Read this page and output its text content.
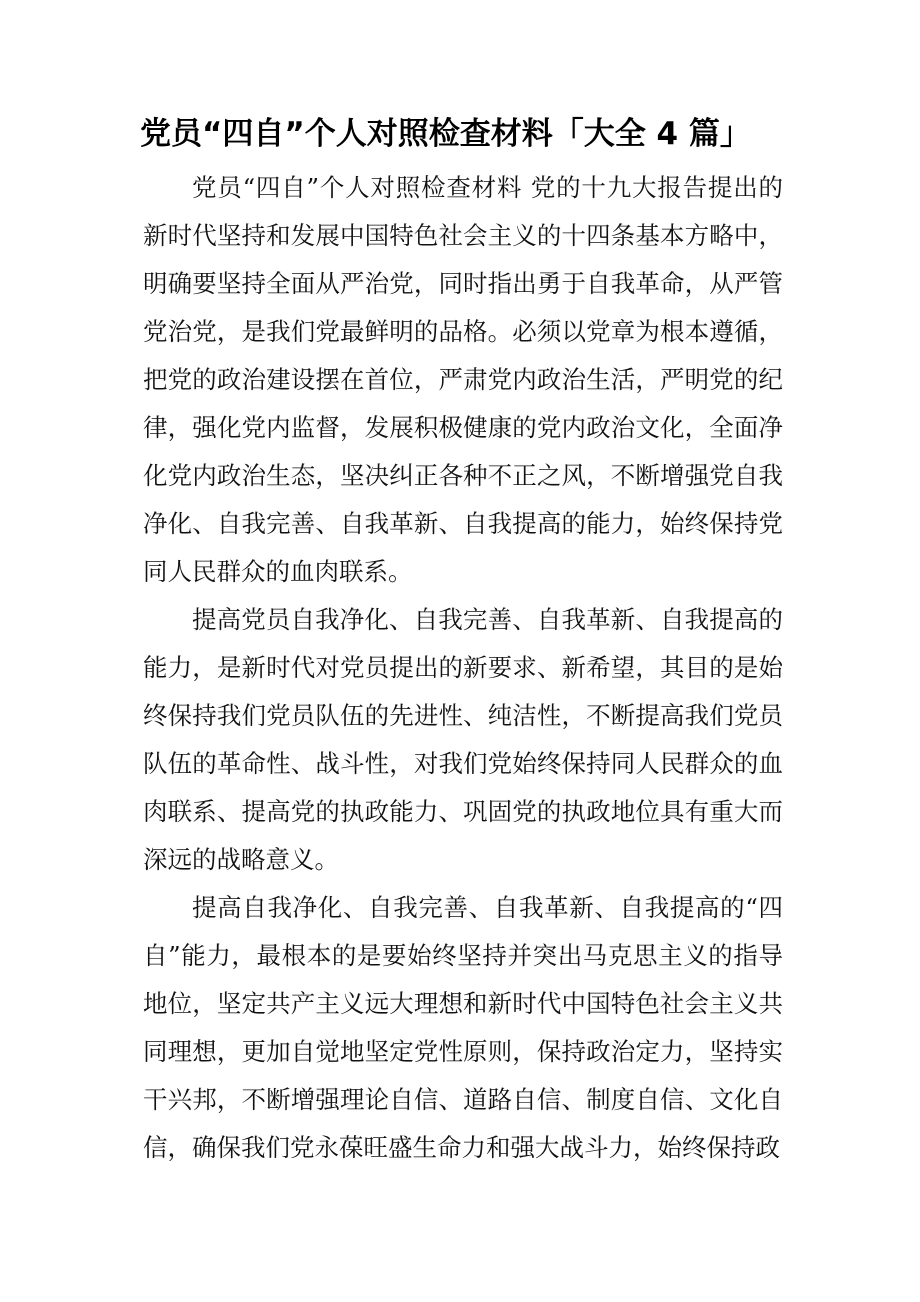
党员“四自”个人对照检查材料「大全 4 篇」

党员“四自”个人对照检查材料 党的十九大报告提出的新时代坚持和发展中国特色社会主义的十四条基本方略中，明确要坚持全面从严治党，同时指出勇于自我革命，从严管党治党，是我们党最鲜明的品格。必须以党章为根本遵循，把党的政治建设摆在首位，严肃党内政治生活，严明党的纪律，强化党内监督，发展积极健康的党内政治文化，全面净化党内政治生态，坚决纠正各种不正之风，不断增强党自我净化、自我完善、自我革新、自我提高的能力，始终保持党同人民群众的血肉联系。

提高党员自我净化、自我完善、自我革新、自我提高的能力，是新时代对党员提出的新要求、新希望，其目的是始终保持我们党员队伍的先进性、纯洁性，不断提高我们党员队伍的革命性、战斗性，对我们党始终保持同人民群众的血肉联系、提高党的执政能力、巩固党的执政地位具有重大而深远的战略意义。

提高自我净化、自我完善、自我革新、自我提高的“四自”能力，最根本的是要始终坚持并突出马克思主义的指导地位，坚定共产主义远大理想和新时代中国特色社会主义共同理想，更加自觉地坚定党性原则，保持政治定力，坚持实干兴邦，不断增强理论自信、道路自信、制度自信、文化自信，确保我们党永葆旺盛生命力和强大战斗力，始终保持政
